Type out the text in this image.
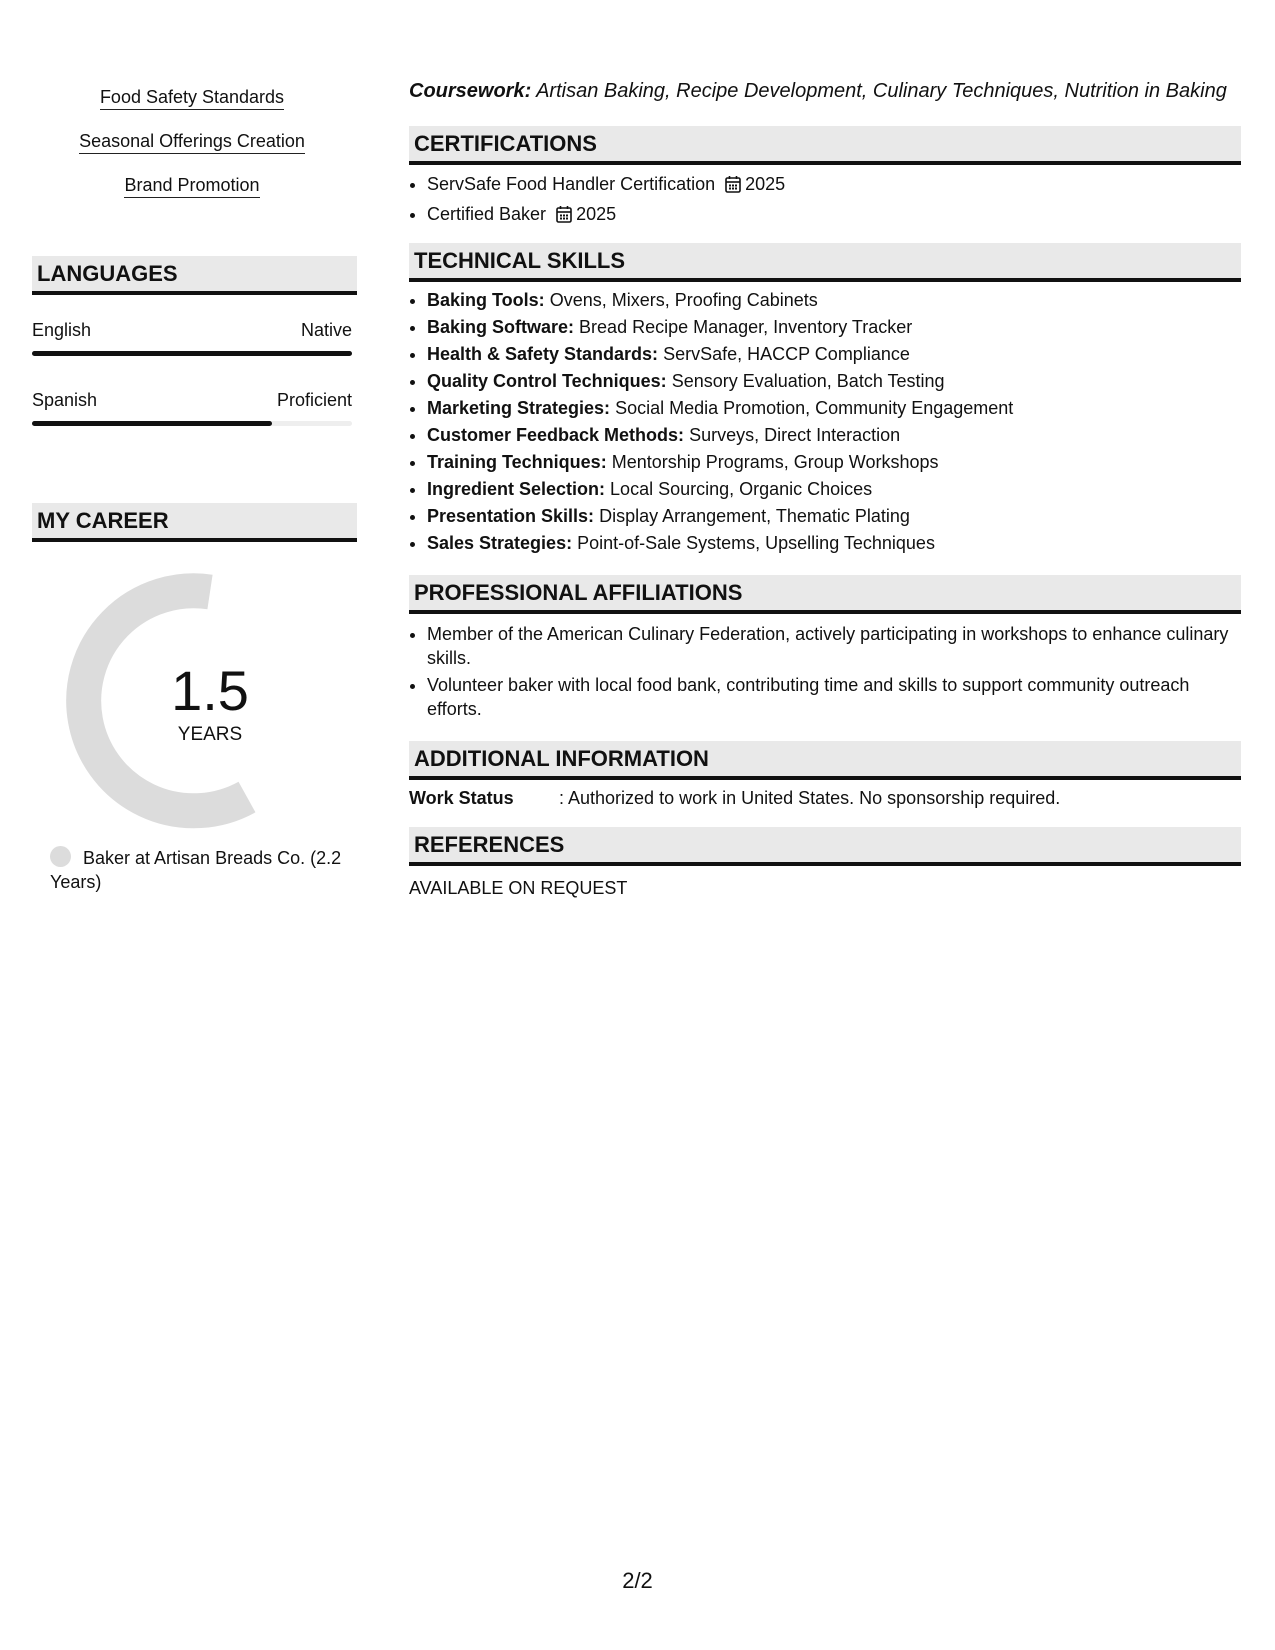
Food Safety Standards
Seasonal Offerings Creation
Brand Promotion
LANGUAGES
English	Native
Spanish	Proficient
MY CAREER
1.5
YEARS
Baker at Artisan Breads Co. (2.2 Years)
Coursework: Artisan Baking, Recipe Development, Culinary Techniques, Nutrition in Baking
CERTIFICATIONS
• ServSafe Food Handler Certification 2025
• Certified Baker 2025
TECHNICAL SKILLS
• Baking Tools: Ovens, Mixers, Proofing Cabinets
• Baking Software: Bread Recipe Manager, Inventory Tracker
• Health & Safety Standards: ServSafe, HACCP Compliance
• Quality Control Techniques: Sensory Evaluation, Batch Testing
• Marketing Strategies: Social Media Promotion, Community Engagement
• Customer Feedback Methods: Surveys, Direct Interaction
• Training Techniques: Mentorship Programs, Group Workshops
• Ingredient Selection: Local Sourcing, Organic Choices
• Presentation Skills: Display Arrangement, Thematic Plating
• Sales Strategies: Point-of-Sale Systems, Upselling Techniques
PROFESSIONAL AFFILIATIONS
• Member of the American Culinary Federation, actively participating in workshops to enhance culinary skills.
• Volunteer baker with local food bank, contributing time and skills to support community outreach efforts.
ADDITIONAL INFORMATION
Work Status	: Authorized to work in United States. No sponsorship required.
REFERENCES
AVAILABLE ON REQUEST
2/2
